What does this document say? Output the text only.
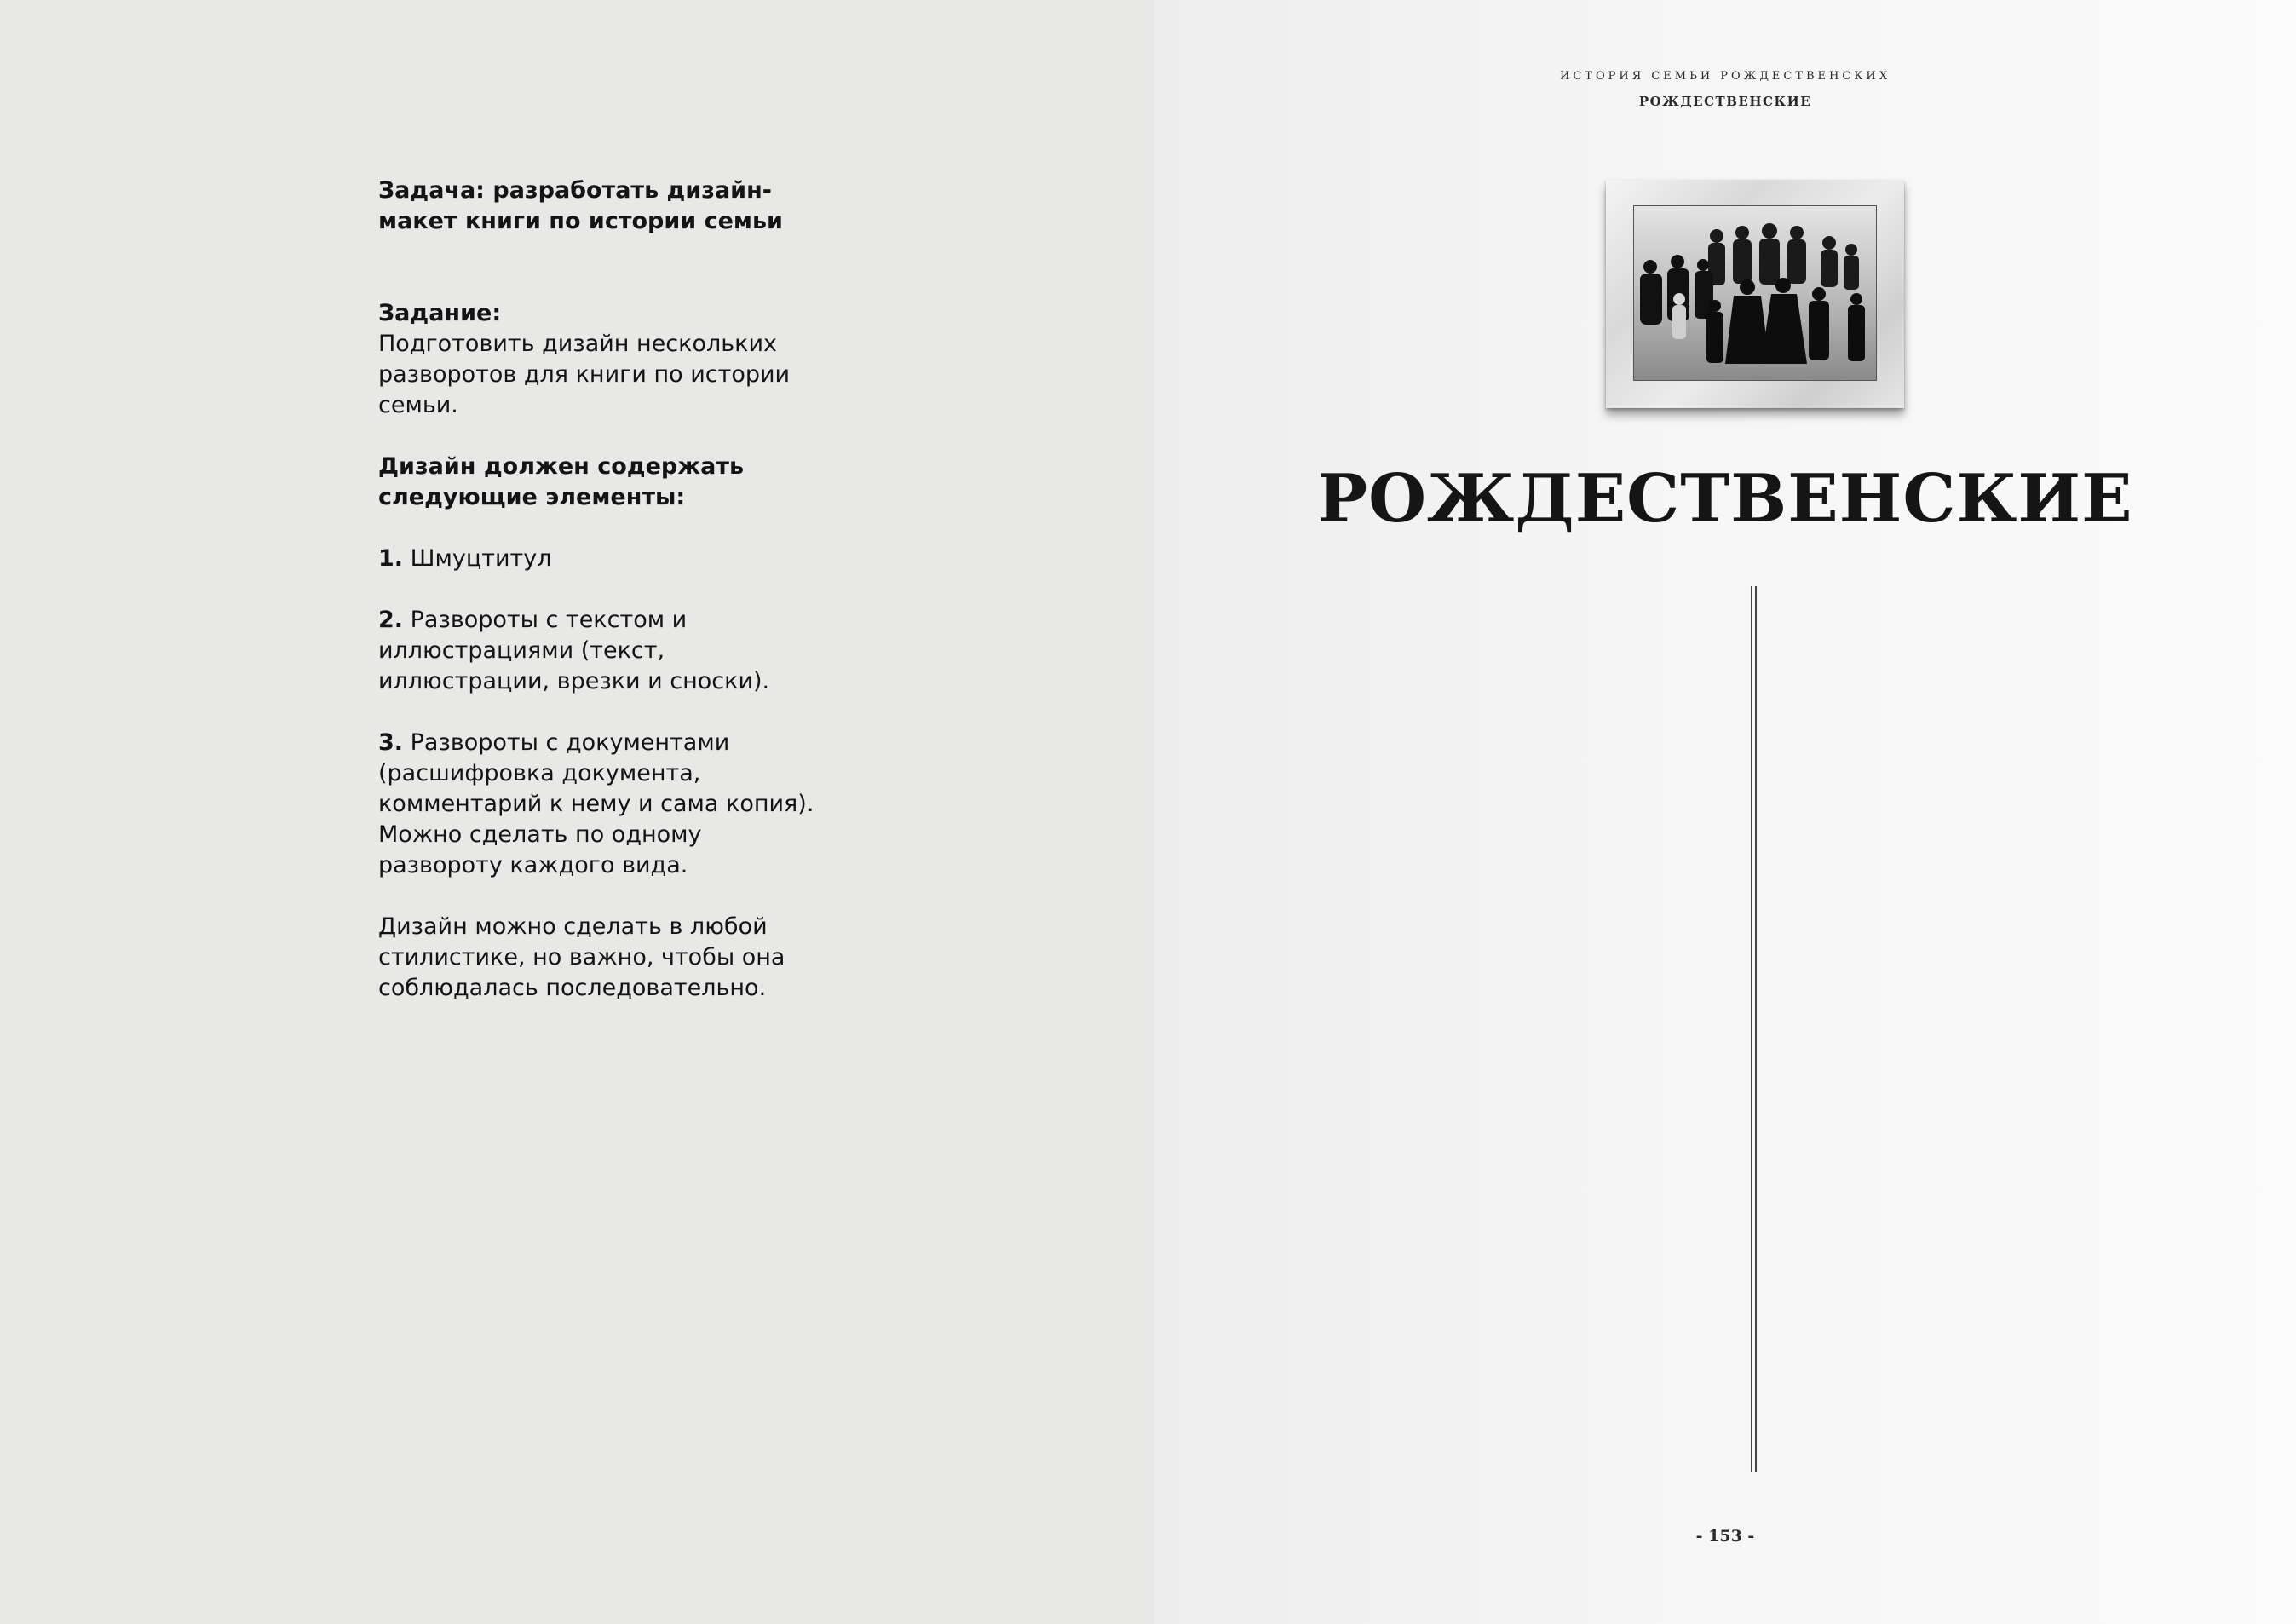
Задача: разработать дизайн-макет книги по истории семьи

Задание:

Подготовить дизайн нескольких разворотов для книги по истории семьи.

Дизайн должен содержать следующие элементы:

1. Шмуцтитул

2. Развороты с текстом и иллюстрациями (текст, иллюстрации, врезки и сноски).

3. Развороты с документами (расшифровка документа, комментарий к нему и сама копия). Можно сделать по одному развороту каждого вида.

Дизайн можно сделать в любой стилистике, но важно, чтобы она соблюдалась последовательно.

ИСТОРИЯ СЕМЬИ РОЖДЕСТВЕНСКИХ
РОЖДЕСТВЕНСКИЕ
РОЖДЕСТВЕНСКИЕ
- 153 -
